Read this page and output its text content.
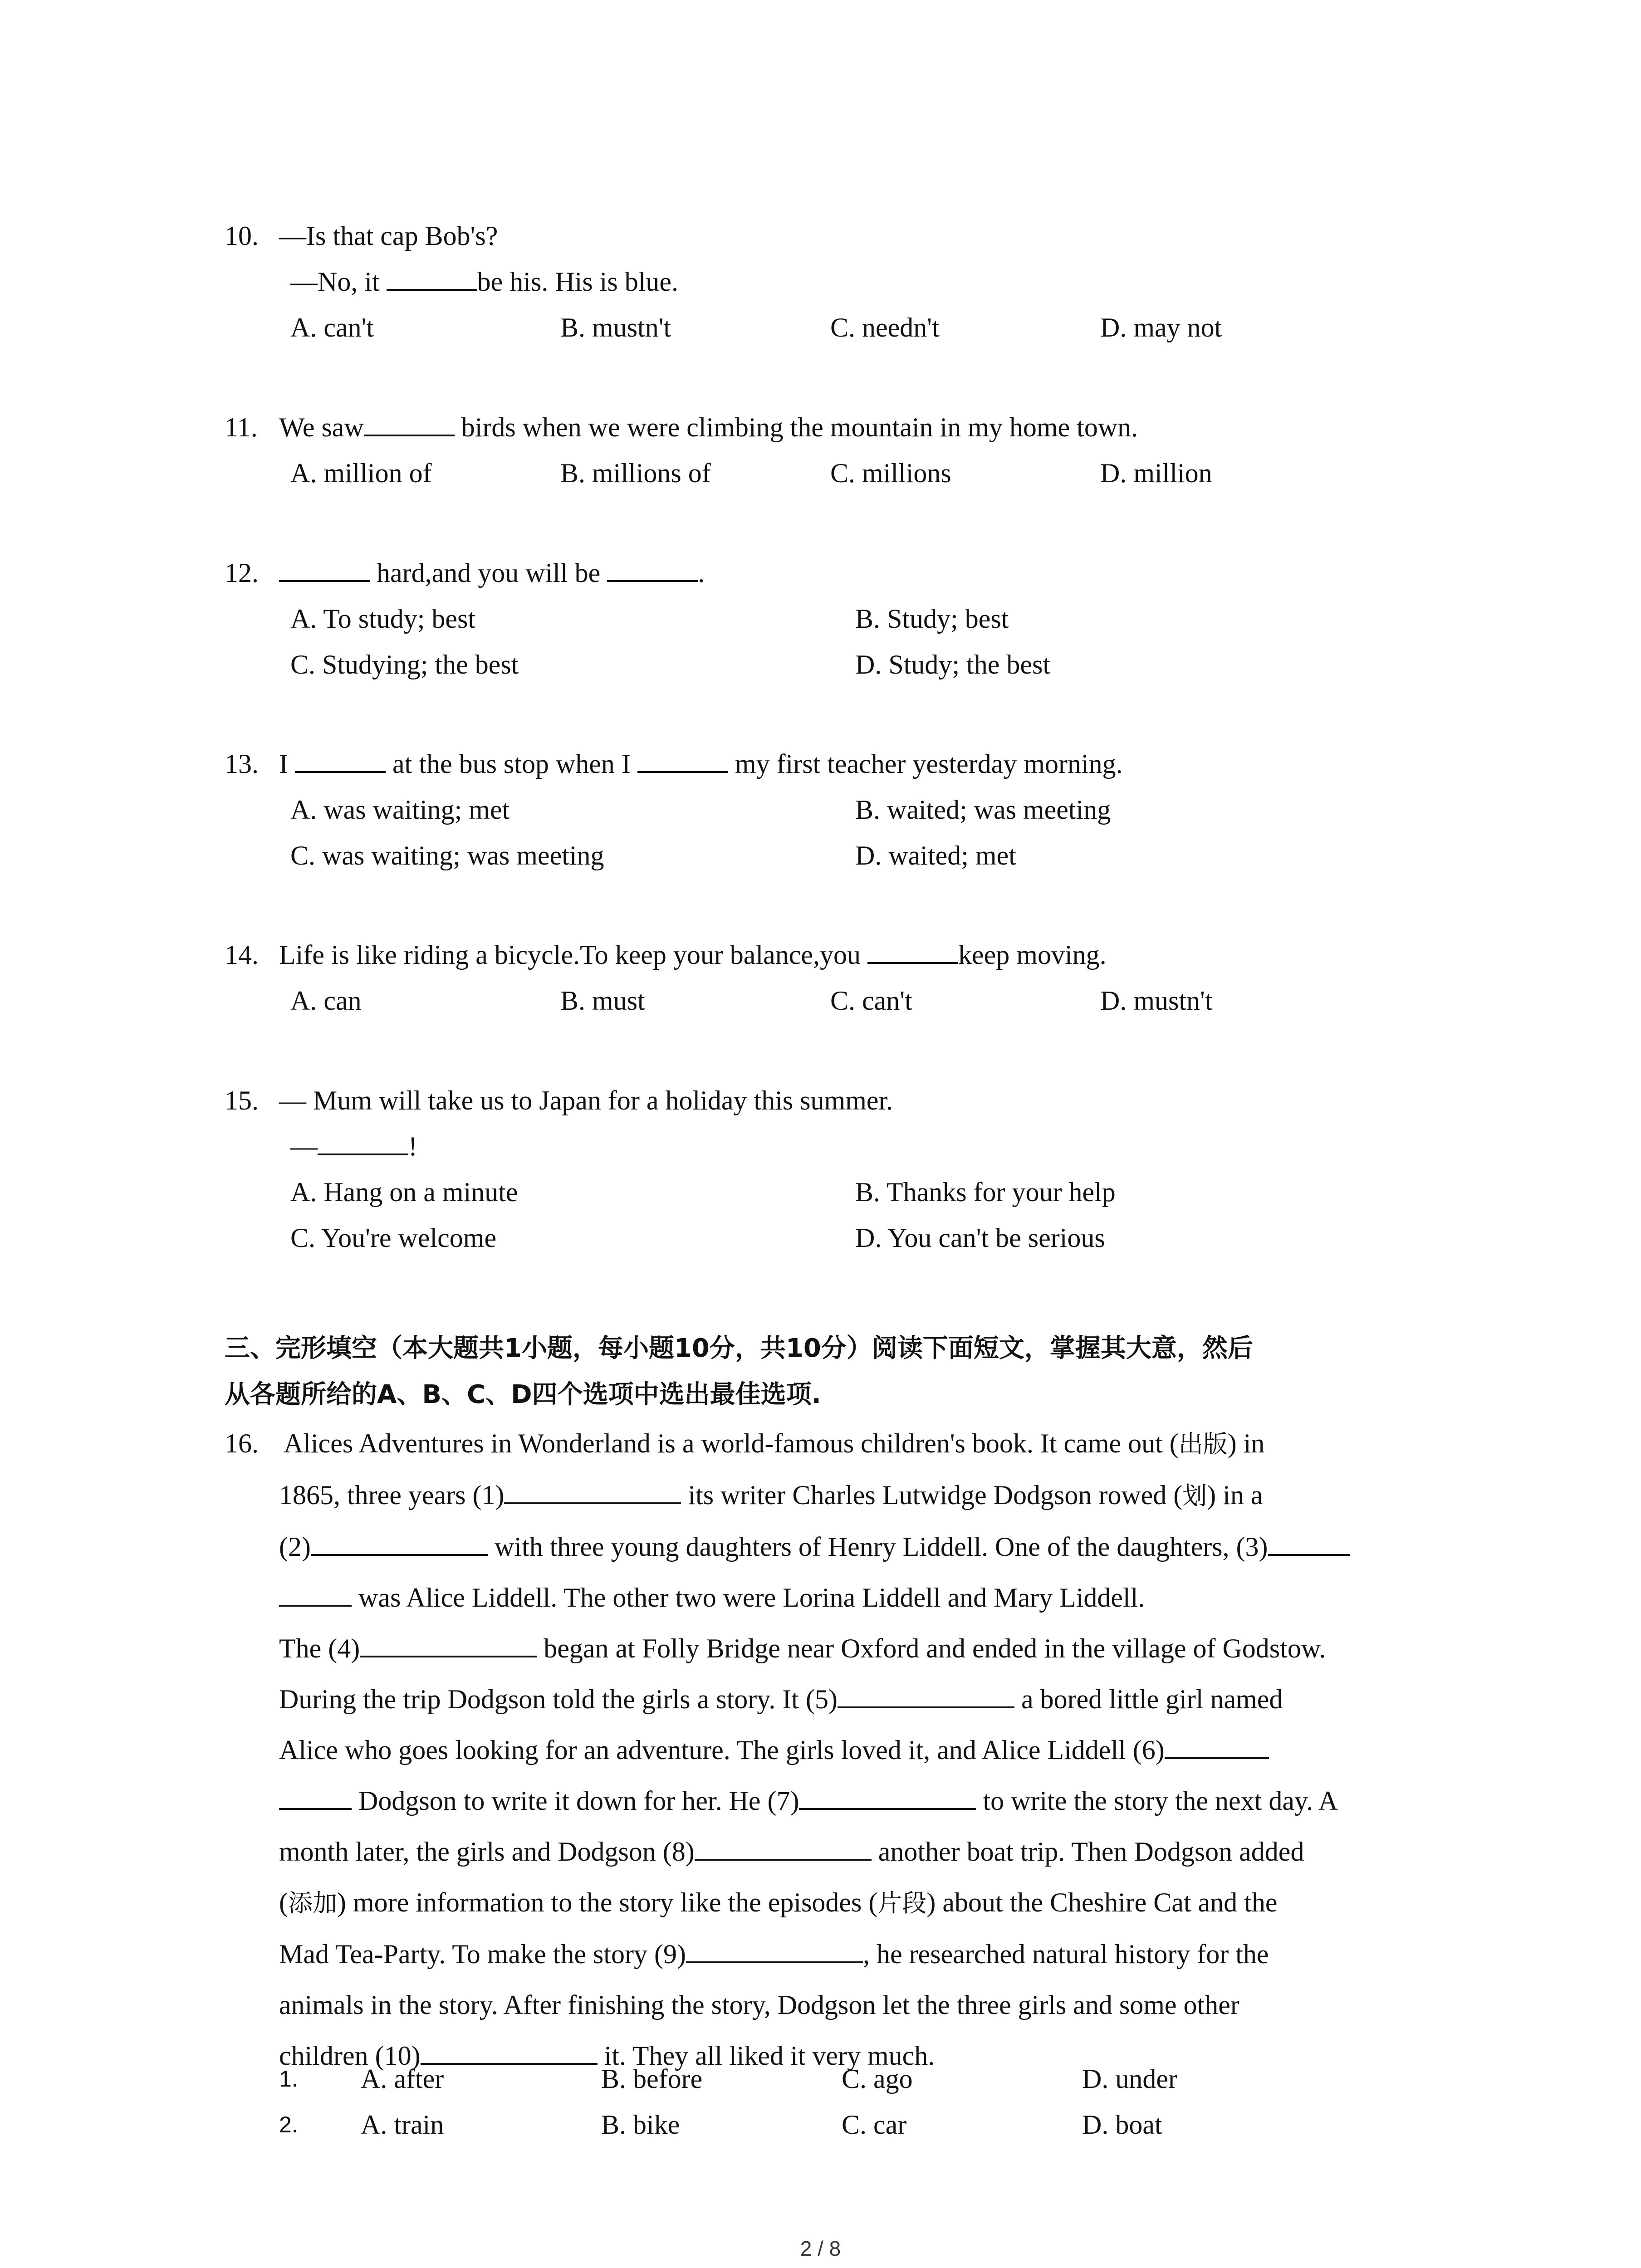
10. —Is that cap Bob's?
—No, it	be his. His is blue.
A. can't	B. mustn't	C. needn't	D. may not
11. We saw	birds when we were climbing the mountain in my home town.
A. million of	B. millions of	C. millions	D. million
12.	hard,and you will be	.
A. To study; best	B. Study; best
C. Studying; the best	D. Study; the best
13. I	at the bus stop when I	my first teacher yesterday morning.
A. was waiting; met	B. waited; was meeting
C. was waiting; was meeting	D. waited; met
14. Life is like riding a bicycle.To keep your balance,you	keep moving.
A. can	B. must	C. can't	D. mustn't
15. — Mum will take us to Japan for a holiday this summer.
—	!
A. Hang on a minute	B. Thanks for your help
C. You're welcome	D. You can't be serious
三、完形填空（本大题共1小题，每小题10分，共10分）阅读下面短文，掌握其大意，然后
从各题所给的A、B、C、D四个选项中选出最佳选项.
16. Alices Adventures in Wonderland is a world-famous children's book. It came out (出版) in
1865, three years (1)	its writer Charles Lutwidge Dodgson rowed (划) in a
(2)	with three young daughters of Henry Liddell. One of the daughters, (3)
was Alice Liddell. The other two were Lorina Liddell and Mary Liddell.
The (4)	began at Folly Bridge near Oxford and ended in the village of Godstow.
During the trip Dodgson told the girls a story. It (5)	a bored little girl named
Alice who goes looking for an adventure. The girls loved it, and Alice Liddell (6)
Dodgson to write it down for her. He (7)	to write the story the next day. A
month later, the girls and Dodgson (8)	another boat trip. Then Dodgson added
(添加) more information to the story like the episodes (片段) about the Cheshire Cat and the
Mad Tea-Party. To make the story (9)	, he researched natural history for the
animals in the story. After finishing the story, Dodgson let the three girls and some other
children (10)	it. They all liked it very much.
1.	A. after	B. before	C. ago	D. under
2.	A. train	B. bike	C. car	D. boat
2 / 8
